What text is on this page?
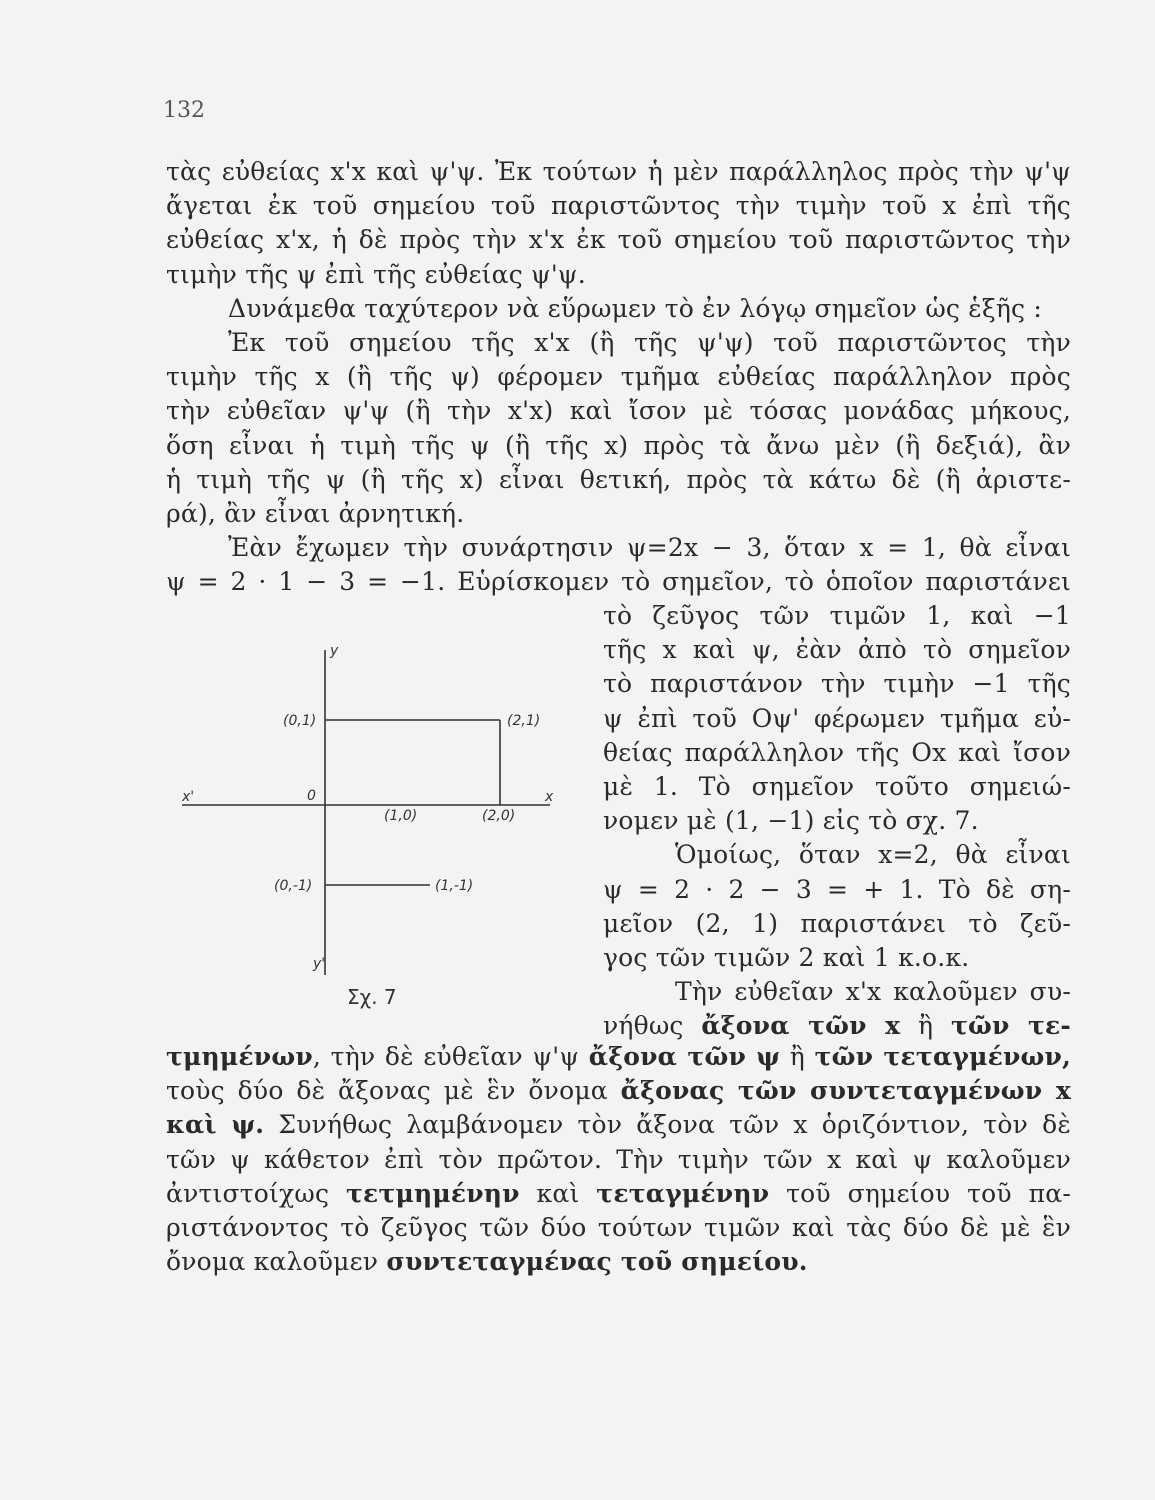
132
τὰς εὐθείας x'x καὶ ψ'ψ. Ἐκ τούτων ἡ μὲν παράλληλος πρὸς τὴν ψ'ψ
ἄγεται ἐκ τοῦ σημείου τοῦ παριστῶντος τὴν τιμὴν τοῦ x ἐπὶ τῆς
εὐθείας x'x, ἡ δὲ πρὸς τὴν x'x ἐκ τοῦ σημείου τοῦ παριστῶντος τὴν
τιμὴν τῆς ψ ἐπὶ τῆς εὐθείας ψ'ψ.
Δυνάμεθα ταχύτερον νὰ εὕρωμεν τὸ ἐν λόγῳ σημεῖον ὡς ἑξῆς :
Ἐκ τοῦ σημείου τῆς x'x (ἢ τῆς ψ'ψ) τοῦ παριστῶντος τὴν
τιμὴν τῆς x (ἢ τῆς ψ) φέρομεν τμῆμα εὐθείας παράλληλον πρὸς
τὴν εὐθεῖαν ψ'ψ (ἢ τὴν x'x) καὶ ἴσον μὲ τόσας μονάδας μήκους,
ὅση εἶναι ἡ τιμὴ τῆς ψ (ἢ τῆς x) πρὸς τὰ ἄνω μὲν (ἢ δεξιά), ἂν
ἡ τιμὴ τῆς ψ (ἢ τῆς x) εἶναι θετική, πρὸς τὰ κάτω δὲ (ἢ ἀριστε-
ρά), ἂν εἶναι ἀρνητική.
Ἐὰν ἔχωμεν τὴν συνάρτησιν ψ=2x − 3, ὅταν x = 1, θὰ εἶναι
ψ = 2 · 1 − 3 = −1. Εὑρίσκομεν τὸ σημεῖον, τὸ ὁποῖον παριστάνει
τὸ ζεῦγος τῶν τιμῶν 1, καὶ −1
τῆς x καὶ ψ, ἐὰν ἀπὸ τὸ σημεῖον
τὸ παριστάνον τὴν τιμὴν −1 τῆς
ψ ἐπὶ τοῦ Οψ' φέρωμεν τμῆμα εὐ-
θείας παράλληλον τῆς Οx καὶ ἴσον
μὲ 1. Τὸ σημεῖον τοῦτο σημειώ-
νομεν μὲ (1, −1) εἰς τὸ σχ. 7.
Ὁμοίως, ὅταν x=2, θὰ εἶναι
ψ = 2 · 2 − 3 = + 1. Τὸ δὲ ση-
μεῖον (2, 1) παριστάνει τὸ ζεῦ-
γος τῶν τιμῶν 2 καὶ 1 κ.ο.κ.
Τὴν εὐθεῖαν x'x καλοῦμεν συ-
νήθως ἄξονα τῶν x ἢ τῶν τε-
y
y'
x'	x
0
(0,1)	(2,1)
(1,0)	(2,0)
(0,-1)	(1,-1)
Σχ. 7
τμημένων, τὴν δὲ εὐθεῖαν ψ'ψ ἄξονα τῶν ψ ἢ τῶν τεταγμένων,
τοὺς δύο δὲ ἄξονας μὲ ἓν ὄνομα ἄξονας τῶν συντεταγμένων x
καὶ ψ. Συνήθως λαμβάνομεν τὸν ἄξονα τῶν x ὁριζόντιον, τὸν δὲ
τῶν ψ κάθετον ἐπὶ τὸν πρῶτον. Τὴν τιμὴν τῶν x καὶ ψ καλοῦμεν
ἀντιστοίχως τετμημένην καὶ τεταγμένην τοῦ σημείου τοῦ πα-
ριστάνοντος τὸ ζεῦγος τῶν δύο τούτων τιμῶν καὶ τὰς δύο δὲ μὲ ἓν
ὄνομα καλοῦμεν συντεταγμένας τοῦ σημείου.
